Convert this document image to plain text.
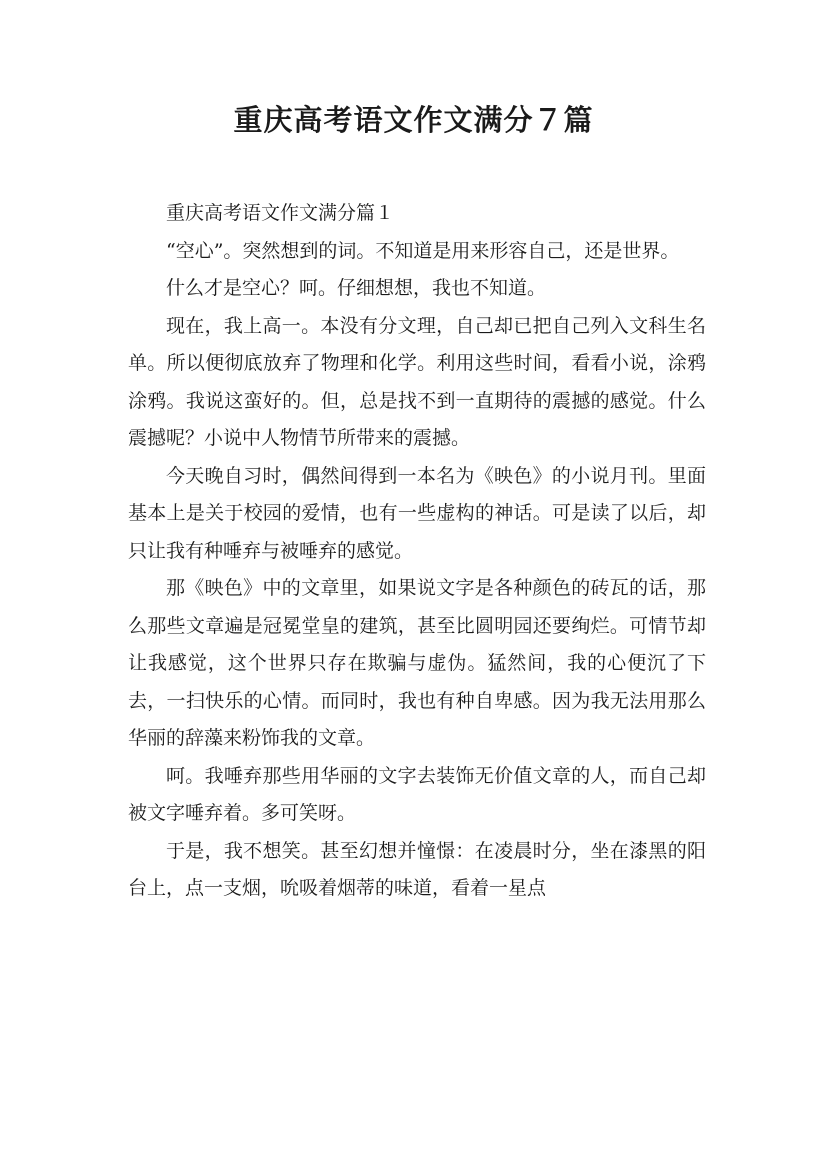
重庆高考语文作文满分７篇

重庆高考语文作文满分篇１

“空心”。突然想到的词。不知道是用来形容自己，还是世界。

什么才是空心？呵。仔细想想，我也不知道。

现在，我上高一。本没有分文理，自己却已把自己列入文科生名单。所以便彻底放弃了物理和化学。利用这些时间，看看小说，涂鸦涂鸦。我说这蛮好的。但，总是找不到一直期待的震撼的感觉。什么震撼呢？小说中人物情节所带来的震撼。

今天晚自习时，偶然间得到一本名为《映色》的小说月刊。里面基本上是关于校园的爱情，也有一些虚构的神话。可是读了以后，却只让我有种唾弃与被唾弃的感觉。

那《映色》中的文章里，如果说文字是各种颜色的砖瓦的话，那么那些文章遍是冠冕堂皇的建筑，甚至比圆明园还要绚烂。可情节却让我感觉，这个世界只存在欺骗与虚伪。猛然间，我的心便沉了下去，一扫快乐的心情。而同时，我也有种自卑感。因为我无法用那么华丽的辞藻来粉饰我的文章。

呵。我唾弃那些用华丽的文字去装饰无价值文章的人，而自己却被文字唾弃着。多可笑呀。

于是，我不想笑。甚至幻想并憧憬：在凌晨时分，坐在漆黑的阳台上，点一支烟，吮吸着烟蒂的味道，看着一星点
